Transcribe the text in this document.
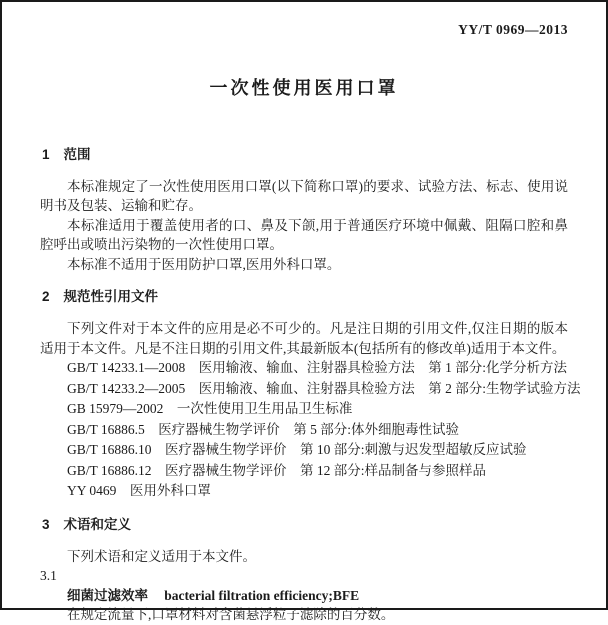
YY/T 0969—2013
一次性使用医用口罩
1 范围

本标准规定了一次性使用医用口罩(以下简称口罩)的要求、试验方法、标志、使用说明书及包装、运输和贮存。

本标准适用于覆盖使用者的口、鼻及下颌,用于普通医疗环境中佩戴、阻隔口腔和鼻腔呼出或喷出污染物的一次性使用口罩。

本标准不适用于医用防护口罩,医用外科口罩。

2 规范性引用文件

下列文件对于本文件的应用是必不可少的。凡是注日期的引用文件,仅注日期的版本适用于本文件。凡是不注日期的引用文件,其最新版本(包括所有的修改单)适用于本文件。

GB/T 14233.1—2008　医用输液、输血、注射器具检验方法　第 1 部分:化学分析方法
GB/T 14233.2—2005　医用输液、输血、注射器具检验方法　第 2 部分:生物学试验方法
GB 15979—2002　一次性使用卫生用品卫生标准
GB/T 16886.5　医疗器械生物学评价　第 5 部分:体外细胞毒性试验
GB/T 16886.10　医疗器械生物学评价　第 10 部分:刺激与迟发型超敏反应试验
GB/T 16886.12　医疗器械生物学评价　第 12 部分:样品制备与参照样品
YY 0469　医用外科口罩
3 术语和定义

下列术语和定义适用于本文件。

3.1

细菌过滤效率 bacterial filtration efficiency;BFE

在规定流量下,口罩材料对含菌悬浮粒子滤除的百分数。
